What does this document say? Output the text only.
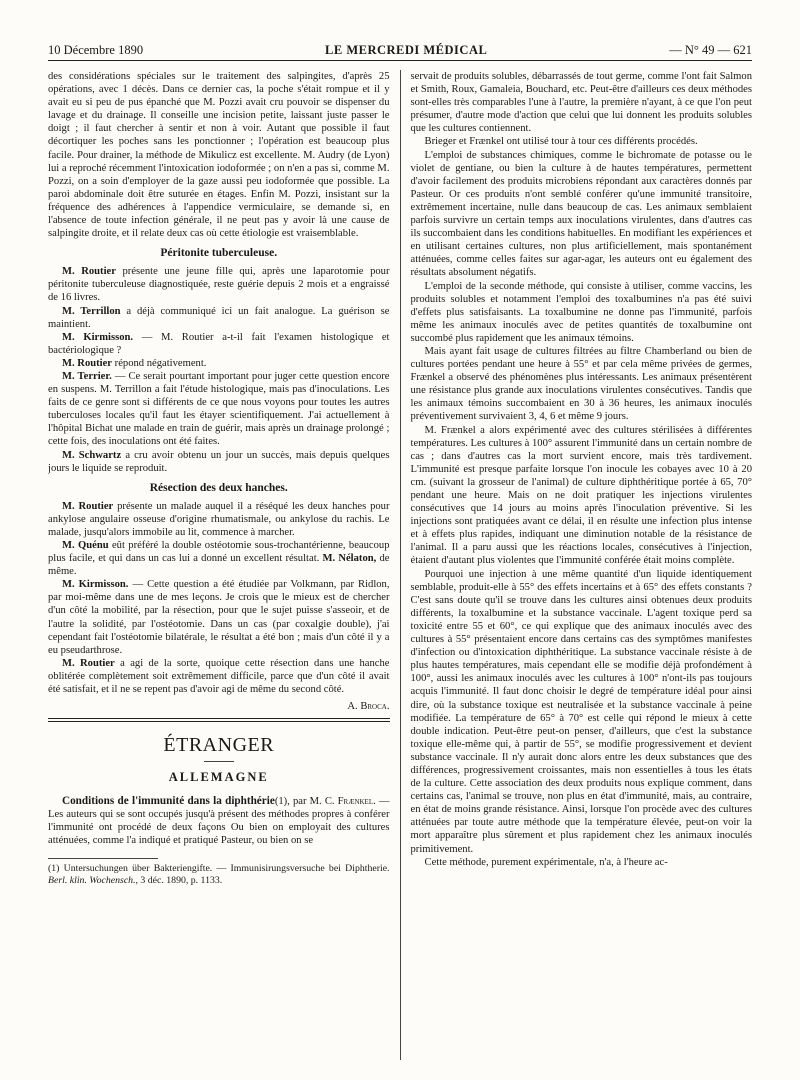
10 Décembre 1890	LE MERCREDI MÉDICAL	— N° 49 — 621

des considérations spéciales sur le traitement des salpingites, d'après 25 opérations, avec 1 décès. Dans ce dernier cas, la poche s'était rompue et il y avait eu si peu de pus épanché que M. Pozzi avait cru pouvoir se dispenser du lavage et du drainage. Il conseille une incision petite, laissant juste passer le doigt ; il faut chercher à sentir et non à voir. Autant que possible il faut décortiquer les poches sans les ponctionner ; l'opération est beaucoup plus facile. Pour drainer, la méthode de Mikulicz est excellente. M. Audry (de Lyon) lui a reproché récemment l'intoxication iodoformée ; on n'en a pas si, comme M. Pozzi, on a soin d'employer de la gaze aussi peu iodoformée que possible. La paroi abdominale doit être suturée en étages. Enfin M. Pozzi, insistant sur la fréquence des adhérences à l'appendice vermiculaire, se demande si, en l'absence de toute infection générale, il ne peut pas y avoir là une cause de salpingite droite, et il relate deux cas où cette étiologie est vraisemblable.

Péritonite tuberculeuse.

M. Routier présente une jeune fille qui, après une laparotomie pour péritonite tuberculeuse diagnostiquée, reste guérie depuis 2 mois et a engraissé de 16 livres.

M. Terrillon a déjà communiqué ici un fait analogue. La guérison se maintient.

M. Kirmisson. — M. Routier a-t-il fait l'examen histologique et bactériologique ?

M. Routier répond négativement.

M. Terrier. — Ce serait pourtant important pour juger cette question encore en suspens. M. Terrillon a fait l'étude histologique, mais pas d'inoculations. Les faits de ce genre sont si différents de ce que nous voyons pour toutes les autres tuberculoses locales qu'il faut les étayer scientifiquement. J'ai actuellement à l'hôpital Bichat une malade en train de guérir, mais après un drainage prolongé ; cette fois, des inoculations ont été faites.

M. Schwartz a cru avoir obtenu un jour un succès, mais depuis quelques jours le liquide se reproduit.

Résection des deux hanches.

M. Routier présente un malade auquel il a réséqué les deux hanches pour ankylose angulaire osseuse d'origine rhumatismale, ou ankylose du rachis. Le malade, jusqu'alors immobile au lit, commence à marcher.

M. Quénu eût préféré la double ostéotomie sous-trochantérienne, beaucoup plus facile, et qui dans un cas lui a donné un excellent résultat. M. Nélaton, de même.

M. Kirmisson. — Cette question a été étudiée par Volkmann, par Ridlon, par moi-même dans une de mes leçons. Je crois que le mieux est de chercher d'un côté la mobilité, par la résection, pour que le sujet puisse s'asseoir, et de l'autre la solidité, par l'ostéotomie. Dans un cas (par coxalgie double), j'ai cependant fait l'ostéotomie bilatérale, le résultat a été bon ; mais d'un côté il y a eu pseudarthrose.

M. Routier a agi de la sorte, quoique cette résection dans une hanche oblitérée complètement soit extrêmement difficile, parce que d'un côté il avait été satisfait, et il ne se repent pas d'avoir agi de même du second côté.

A. Broca.
ÉTRANGER
ALLEMAGNE

Conditions de l'immunité dans la diphthérie(1), par M. C. Frænkel. — Les auteurs qui se sont occupés jusqu'à présent des méthodes propres à conférer l'immunité ont procédé de deux façons Ou bien on employait des cultures atténuées, comme l'a indiqué et pratiqué Pasteur, ou bien on se

(1) Untersuchungen über Bakteriengifte. — Immunisirungsversuche bei Diphtherie. Berl. klin. Wochensch., 3 déc. 1890, p. 1133.

servait de produits solubles, débarrassés de tout germe, comme l'ont fait Salmon et Smith, Roux, Gamaleia, Bouchard, etc. Peut-être d'ailleurs ces deux méthodes sont-elles très comparables l'une à l'autre, la première n'ayant, à ce que l'on peut présumer, d'autre mode d'action que celui que lui donnent les produits solubles que les cultures contiennent.

Brieger et Frænkel ont utilisé tour à tour ces différents procédés.

L'emploi de substances chimiques, comme le bichromate de potasse ou le violet de gentiane, ou bien la culture à de hautes températures, permettent d'avoir facilement des produits microbiens répondant aux caractères donnés par Pasteur. Or ces produits n'ont semblé conférer qu'une immunité transitoire, extrêmement incertaine, nulle dans beaucoup de cas. Les animaux semblaient parfois survivre un certain temps aux inoculations virulentes, dans d'autres cas ils succombaient dans les conditions habituelles. En modifiant les expériences et en utilisant certaines cultures, non plus artificiellement, mais spontanément atténuées, comme celles faites sur agar-agar, les auteurs ont eu également des résultats absolument négatifs.

L'emploi de la seconde méthode, qui consiste à utiliser, comme vaccins, les produits solubles et notamment l'emploi des toxalbumines n'a pas été suivi d'effets plus satisfaisants. La toxalbumine ne donne pas l'immunité, parfois même les animaux inoculés avec de petites quantités de toxalbumine ont succombé plus rapidement que les animaux témoins.

Mais ayant fait usage de cultures filtrées au filtre Chamberland ou bien de cultures portées pendant une heure à 55° et par cela même privées de germes, Frænkel a observé des phénomènes plus intéressants. Les animaux présentèrent une résistance plus grande aux inoculations virulentes consécutives. Tandis que les animaux témoins succombaient en 30 à 36 heures, les animaux inoculés préventivement survivaient 3, 4, 6 et même 9 jours.

M. Frænkel a alors expérimenté avec des cultures stérilisées à différentes températures. Les cultures à 100° assurent l'immunité dans un certain nombre de cas ; dans d'autres cas la mort survient encore, mais très tardivement. L'immunité est presque parfaite lorsque l'on inocule les cobayes avec 10 à 20 cm. (suivant la grosseur de l'animal) de culture diphthéritique portée à 65, 70° pendant une heure. Mais on ne doit pratiquer les injections virulentes consécutives que 14 jours au moins après l'inoculation préventive. Si les injections sont pratiquées avant ce délai, il en résulte une infection plus intense et à effets plus rapides, indiquant une diminution notable de la résistance de l'animal. Il a paru aussi que les réactions locales, consécutives à l'injection, étaient d'autant plus violentes que l'immunité conférée était moins complète.

Pourquoi une injection à une même quantité d'un liquide identiquement semblable, produit-elle à 55° des effets incertains et à 65° des effets constants ? C'est sans doute qu'il se trouve dans les cultures ainsi obtenues deux produits différents, la toxalbumine et la substance vaccinale. L'agent toxique perd sa toxicité entre 55 et 60°, ce qui explique que des animaux inoculés avec des cultures à 55° présentaient encore dans certains cas des symptômes manifestes d'infection ou d'intoxication diphthéritique. La substance vaccinale résiste à de plus hautes températures, mais cependant elle se modifie déjà profondément à 100°, aussi les animaux inoculés avec les cultures à 100° n'ont-ils pas toujours acquis l'immunité. Il faut donc choisir le degré de température idéal pour ainsi dire, où la substance toxique est neutralisée et la substance vaccinale à peine modifiée. La température de 65° à 70° est celle qui répond le mieux à cette double indication. Peut-être peut-on penser, d'ailleurs, que c'est la substance toxique elle-même qui, à partir de 55°, se modifie progressivement et devient substance vaccinale. Il n'y aurait donc alors entre les deux substances que des différences, progressivement croissantes, mais non essentielles à tous les états de la culture. Cette association des deux produits nous explique comment, dans certains cas, l'animal se trouve, non plus en état d'immunité, mais, au contraire, en état de moins grande résistance. Ainsi, lorsque l'on procède avec des cultures atténuées par toute autre méthode que la température élevée, peut-on voir la mort apparaître plus sûrement et plus rapidement chez les animaux inoculés primitivement.

Cette méthode, purement expérimentale, n'a, à l'heure ac-
